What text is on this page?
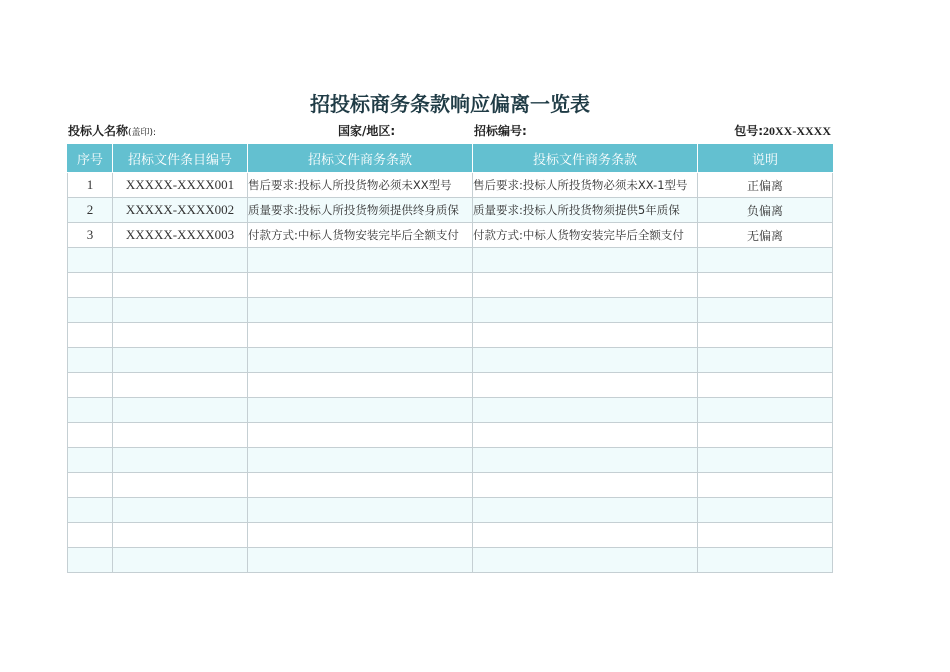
招投标商务条款响应偏离一览表
投标人名称(盖印):	国家/地区:	招标编号:	包号:20XX-XXXX
序号	招标文件条目编号	招标文件商务条款	投标文件商务条款	说明
1	XXXXX-XXXX001	售后要求:投标人所投货物必须未XX型号	售后要求:投标人所投货物必须未XX-1型号	正偏离
2	XXXXX-XXXX002	质量要求:投标人所投货物须提供终身质保	质量要求:投标人所投货物须提供5年质保	负偏离
3	XXXXX-XXXX003	付款方式:中标人货物安装完毕后全额支付	付款方式:中标人货物安装完毕后全额支付	无偏离
